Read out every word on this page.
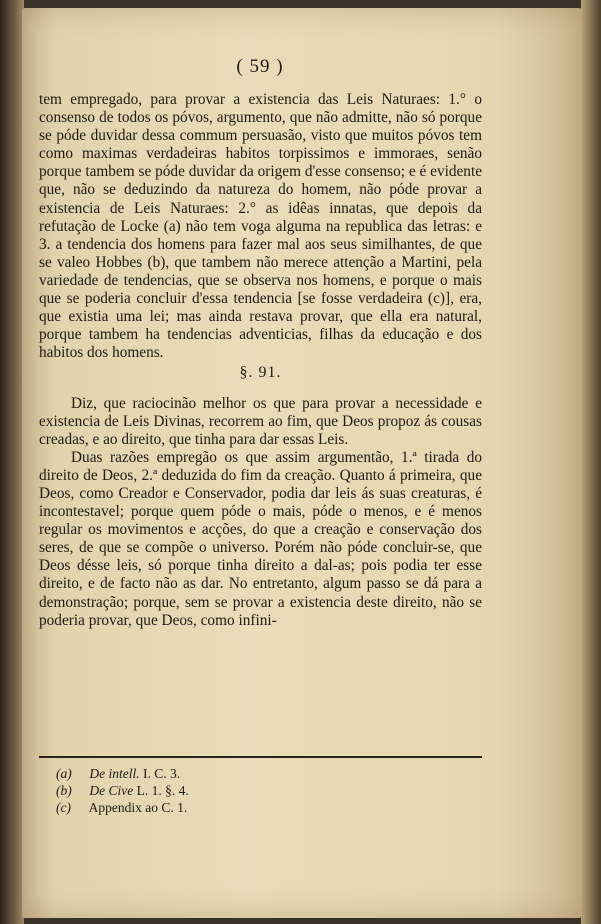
( 59 )

tem empregado, para provar a existencia das Leis Naturaes: 1.° o consenso de todos os póvos, argumento, que não admitte, não só porque se póde duvidar dessa commum persuasão, visto que muitos póvos tem como maximas verdadeiras habitos torpissimos e immoraes, senão porque tambem se póde duvidar da origem d'esse consenso; e é evidente que, não se deduzindo da natureza do homem, não póde provar a existencia de Leis Naturaes: 2.° as idêas innatas, que depois da refutação de Locke (a) não tem voga alguma na republica das letras: e 3. a tendencia dos homens para fazer mal aos seus similhantes, de que se valeo Hobbes (b), que tambem não merece attenção a Martini, pela variedade de tendencias, que se observa nos homens, e porque o mais que se poderia concluir d'essa tendencia [se fosse verdadeira (c)], era, que existia uma lei; mas ainda restava provar, que ella era natural, porque tambem ha tendencias adventicias, filhas da educação e dos habitos dos homens.

§. 91.

Diz, que raciocinão melhor os que para provar a necessidade e existencia de Leis Divinas, recorrem ao fim, que Deos propoz ás cousas creadas, e ao direito, que tinha para dar essas Leis.

Duas razões empregão os que assim argumentão, 1.ª tirada do direito de Deos, 2.ª deduzida do fim da creação. Quanto á primeira, que Deos, como Creador e Conservador, podia dar leis ás suas creaturas, é incontestavel; porque quem póde o mais, póde o menos, e é menos regular os movimentos e acções, do que a creação e conservação dos seres, de que se compõe o universo. Porém não póde concluir-se, que Deos désse leis, só porque tinha direito a dal-as; pois podia ter esse direito, e de facto não as dar. No entretanto, algum passo se dá para a demonstração; porque, sem se provar a existencia deste direito, não se poderia provar, que Deos, como infini-

(a) De intell. I. C. 3.
(b) De Cive L. 1. §. 4.
(c) Appendix ao C. 1.
